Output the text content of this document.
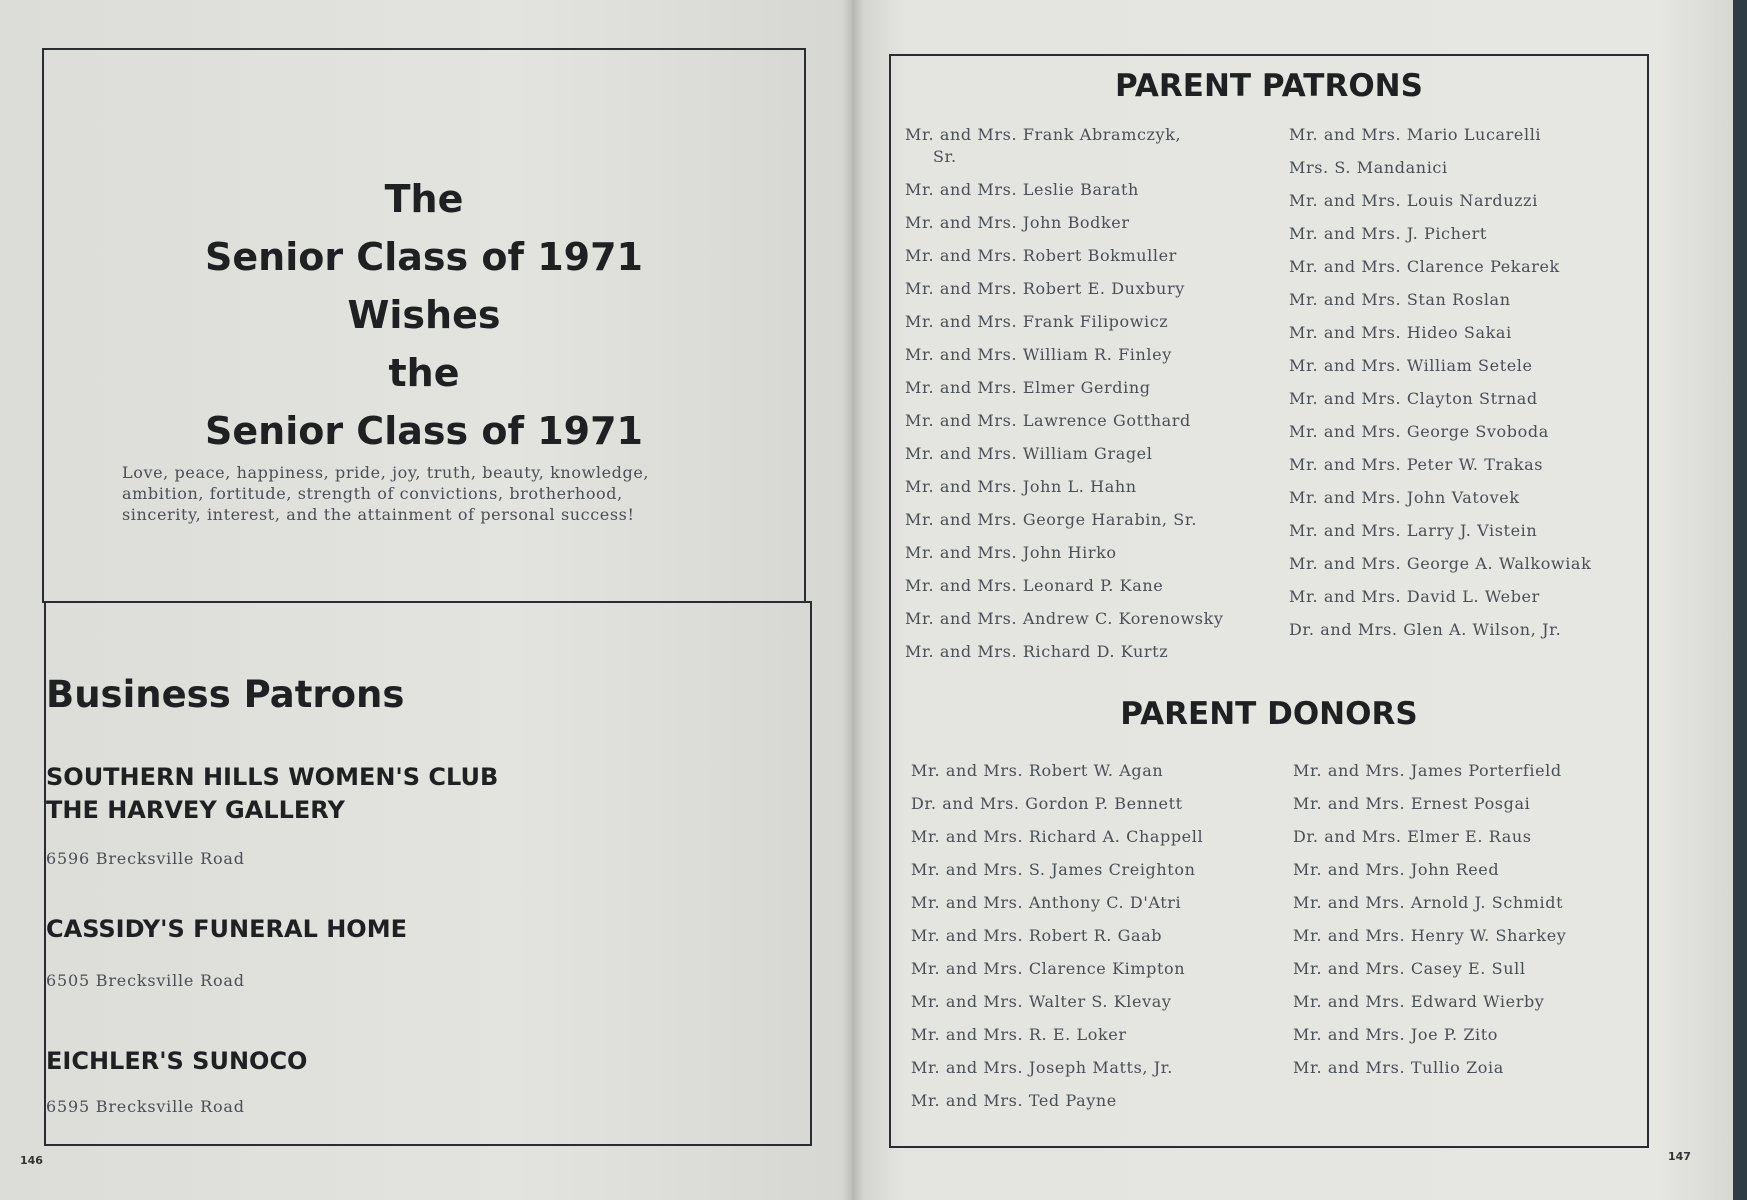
The
Senior Class of 1971
Wishes
the
Senior Class of 1971
Love, peace, happiness, pride, joy, truth, beauty, knowledge,
ambition, fortitude, strength of convictions, brotherhood,
sincerity, interest, and the attainment of personal success!
Business Patrons
SOUTHERN HILLS WOMEN'S CLUB
THE HARVEY GALLERY
6596 Brecksville Road
CASSIDY'S FUNERAL HOME
6505 Brecksville Road
EICHLER'S SUNOCO
6595 Brecksville Road
146
PARENT PATRONS
Mr. and Mrs. Frank Abramczyk,
Sr.
Mr. and Mrs. Leslie Barath
Mr. and Mrs. John Bodker
Mr. and Mrs. Robert Bokmuller
Mr. and Mrs. Robert E. Duxbury
Mr. and Mrs. Frank Filipowicz
Mr. and Mrs. William R. Finley
Mr. and Mrs. Elmer Gerding
Mr. and Mrs. Lawrence Gotthard
Mr. and Mrs. William Gragel
Mr. and Mrs. John L. Hahn
Mr. and Mrs. George Harabin, Sr.
Mr. and Mrs. John Hirko
Mr. and Mrs. Leonard P. Kane
Mr. and Mrs. Andrew C. Korenowsky
Mr. and Mrs. Richard D. Kurtz
Mr. and Mrs. Mario Lucarelli
Mrs. S. Mandanici
Mr. and Mrs. Louis Narduzzi
Mr. and Mrs. J. Pichert
Mr. and Mrs. Clarence Pekarek
Mr. and Mrs. Stan Roslan
Mr. and Mrs. Hideo Sakai
Mr. and Mrs. William Setele
Mr. and Mrs. Clayton Strnad
Mr. and Mrs. George Svoboda
Mr. and Mrs. Peter W. Trakas
Mr. and Mrs. John Vatovek
Mr. and Mrs. Larry J. Vistein
Mr. and Mrs. George A. Walkowiak
Mr. and Mrs. David L. Weber
Dr. and Mrs. Glen A. Wilson, Jr.
PARENT DONORS
Mr. and Mrs. Robert W. Agan
Dr. and Mrs. Gordon P. Bennett
Mr. and Mrs. Richard A. Chappell
Mr. and Mrs. S. James Creighton
Mr. and Mrs. Anthony C. D'Atri
Mr. and Mrs. Robert R. Gaab
Mr. and Mrs. Clarence Kimpton
Mr. and Mrs. Walter S. Klevay
Mr. and Mrs. R. E. Loker
Mr. and Mrs. Joseph Matts, Jr.
Mr. and Mrs. Ted Payne
Mr. and Mrs. James Porterfield
Mr. and Mrs. Ernest Posgai
Dr. and Mrs. Elmer E. Raus
Mr. and Mrs. John Reed
Mr. and Mrs. Arnold J. Schmidt
Mr. and Mrs. Henry W. Sharkey
Mr. and Mrs. Casey E. Sull
Mr. and Mrs. Edward Wierby
Mr. and Mrs. Joe P. Zito
Mr. and Mrs. Tullio Zoia
147
